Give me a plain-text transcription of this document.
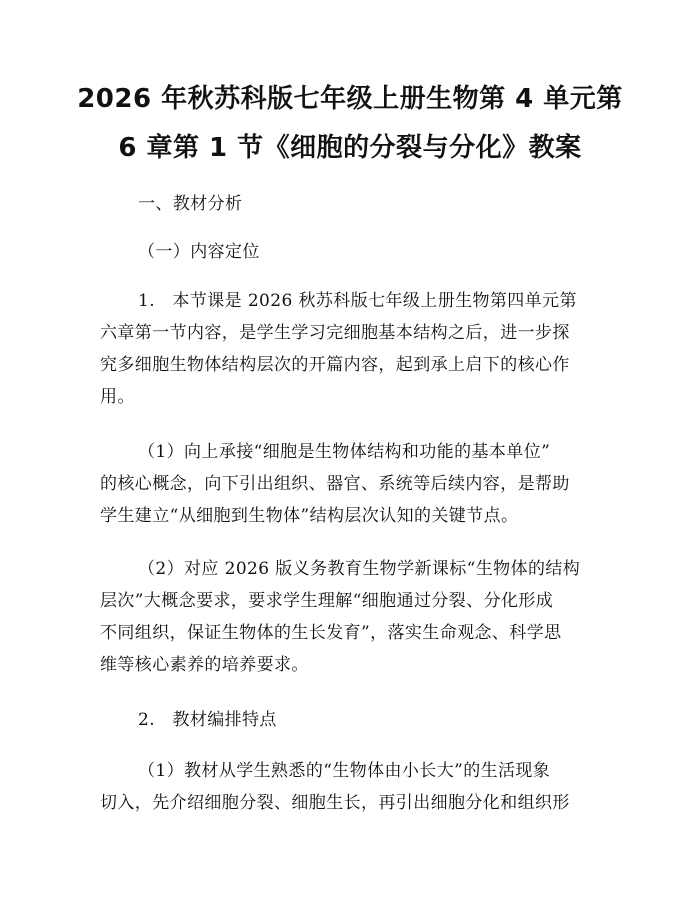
2026 年秋苏科版七年级上册生物第 4 单元第
6 章第 1 节《细胞的分裂与分化》教案
一、教材分析
（一）内容定位
1.　本节课是 2026 秋苏科版七年级上册生物第四单元第
六章第一节内容，是学生学习完细胞基本结构之后，进一步探
究多细胞生物体结构层次的开篇内容，起到承上启下的核心作
用。
（1）向上承接“细胞是生物体结构和功能的基本单位”
的核心概念，向下引出组织、器官、系统等后续内容，是帮助
学生建立“从细胞到生物体”结构层次认知的关键节点。
（2）对应 2026 版义务教育生物学新课标“生物体的结构
层次”大概念要求，要求学生理解“细胞通过分裂、分化形成
不同组织，保证生物体的生长发育”，落实生命观念、科学思
维等核心素养的培养要求。
2.　教材编排特点
（1）教材从学生熟悉的“生物体由小长大”的生活现象
切入，先介绍细胞分裂、细胞生长，再引出细胞分化和组织形
